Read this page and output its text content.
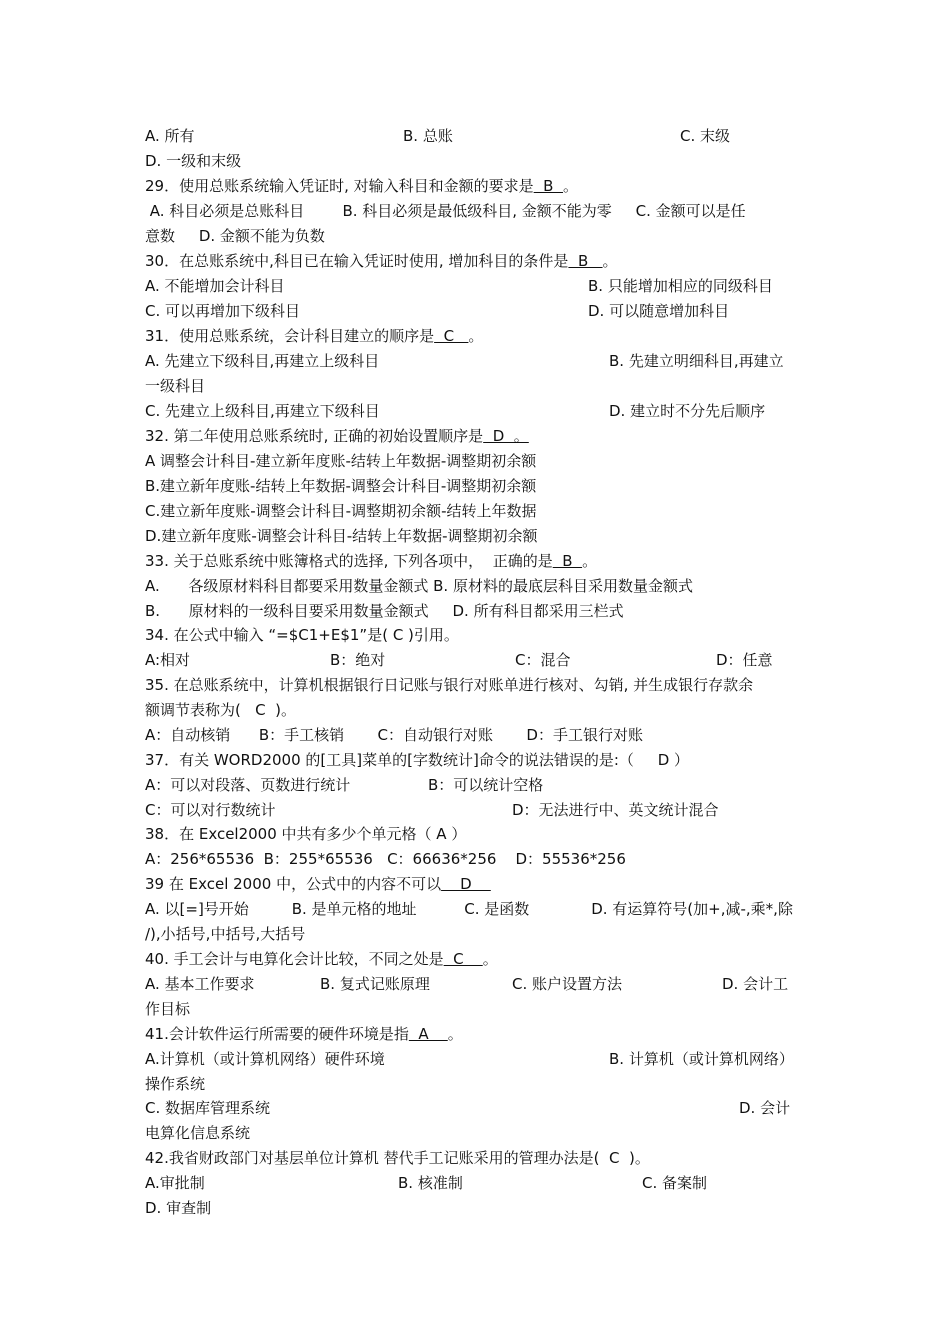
A. 所有	B. 总账	C. 末级
D. 一级和末级
29．使用总账系统输入凭证时, 对输入科目和金额的要求是  B  。
A. 科目必须是总账科目        B. 科目必须是最低级科目, 金额不能为零     C. 金额可以是任
意数     D. 金额不能为负数
30．在总账系统中,科目已在输入凭证时使用, 增加科目的条件是  B   。
A. 不能增加会计科目	B. 只能增加相应的同级科目
C. 可以再增加下级科目	D. 可以随意增加科目
31．使用总账系统，会计科目建立的顺序是  C   。
A. 先建立下级科目,再建立上级科目	B. 先建立明细科目,再建立
一级科目
C. 先建立上级科目,再建立下级科目	D. 建立时不分先后顺序
32. 第二年使用总账系统时, 正确的初始设置顺序是  D  。
A 调整会计科目-建立新年度账-结转上年数据-调整期初余额
B.建立新年度账-结转上年数据-调整会计科目-调整期初余额
C.建立新年度账-调整会计科目-调整期初余额-结转上年数据
D.建立新年度账-调整会计科目-结转上年数据-调整期初余额
33. 关于总账系统中账簿格式的选择, 下列各项中，  正确的是  B  。
A.      各级原材料科目都要采用数量金额式 B. 原材料的最底层科目采用数量金额式
B.      原材料的一级科目要采用数量金额式     D. 所有科目都采用三栏式
34. 在公式中输入 “=$C1+E$1”是( C )引用。
A:相对	B：绝对	C：混合	D：任意
35. 在总账系统中，计算机根据银行日记账与银行对账单进行核对、勾销, 并生成银行存款余
额调节表称为(   C  )。
A：自动核销      B：手工核销       C：自动银行对账       D：手工银行对账
37．有关 WORD2000 的[工具]菜单的[字数统计]命令的说法错误的是:（     D ）
A：可以对段落、页数进行统计	B：可以统计空格
C：可以对行数统计	D：无法进行中、英文统计混合
38．在 Excel2000 中共有多少个单元格（ A ）
A：256*65536  B：255*65536   C：66636*256    D：55536*256
39 在 Excel 2000 中，公式中的内容不可以    D
A. 以[=]号开始         B. 是单元格的地址          C. 是函数             D. 有运算符号(加+,减-,乘*,除
/),小括号,中括号,大括号
40. 手工会计与电算化会计比较，不同之处是  C    。
A. 基本工作要求	B. 复式记账原理	C. 账户设置方法	D. 会计工
作目标
41.会计软件运行所需要的硬件环境是指  A    。
A.计算机（或计算机网络）硬件环境	B. 计算机（或计算机网络）
操作系统
C. 数据库管理系统	D. 会计
电算化信息系统
42.我省财政部门对基层单位计算机 替代手工记账采用的管理办法是(  C  )。
A.审批制	B. 核准制	C. 备案制
D. 审查制
